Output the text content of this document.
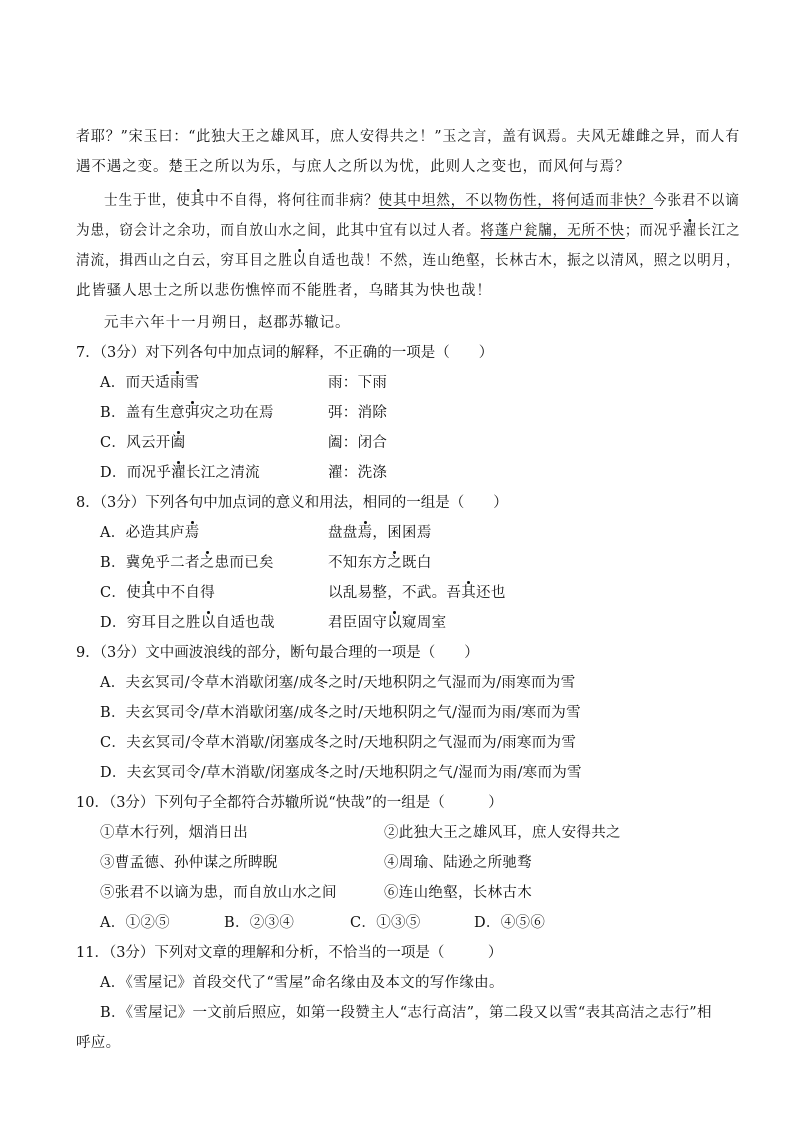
者耶？”宋玉曰：“此独大王之雄风耳，庶人安得共之！”玉之言，盖有讽焉。夫风无雄雌之异，而人有
遇不遇之变。楚王之所以为乐，与庶人之所以为忧，此则人之变也，而风何与焉？
士生于世，使其中不自得，将何往而非病？使其中坦然，不以物伤性，将何适而非快？今张君不以谪
为患，窃会计之余功，而自放山水之间，此其中宜有以过人者。将蓬户瓮牖，无所不快；而况乎濯长江之
清流，揖西山之白云，穷耳目之胜以自适也哉！不然，连山绝壑，长林古木，振之以清风，照之以明月，
此皆骚人思士之所以悲伤憔悴而不能胜者，乌睹其为快也哉！
元丰六年十一月朔日，赵郡苏辙记。
7．（3分）对下列各句中加点词的解释，不正确的一项是（　　）
A．而天适雨雪	雨：下雨
B．盖有生意弭灾之功在焉	弭：消除
C．风云开阖	阖：闭合
D．而况乎濯长江之清流	濯：洗涤
8．（3分）下列各句中加点词的意义和用法，相同的一组是（　　）
A．必造其庐焉	盘盘焉，囷囷焉
B．冀免乎二者之患而已矣	不知东方之既白
C．使其中不自得	以乱易整，不武。吾其还也
D．穷耳目之胜以自适也哉	君臣固守以窥周室
9．（3分）文中画波浪线的部分，断句最合理的一项是（　　）
A．夫玄冥司/令草木消歇闭塞/成冬之时/天地积阴之气湿而为/雨寒而为雪
B．夫玄冥司令/草木消歇闭塞/成冬之时/天地积阴之气/湿而为雨/寒而为雪
C．夫玄冥司/令草木消歇/闭塞成冬之时/天地积阴之气湿而为/雨寒而为雪
D．夫玄冥司令/草木消歇/闭塞成冬之时/天地积阴之气/湿而为雨/寒而为雪
10．（3分）下列句子全都符合苏辙所说“快哉”的一组是（　　　）
①草木行列，烟消日出	②此独大王之雄风耳，庶人安得共之
③曹孟德、孙仲谋之所睥睨	④周瑜、陆逊之所驰骛
⑤张君不以谪为患，而自放山水之间	⑥连山绝壑，长林古木
A．①②⑤	B．②③④	C．①③⑤	D．④⑤⑥
11．（3分）下列对文章的理解和分析，不恰当的一项是（　　　）
A．《雪屋记》首段交代了“雪屋”命名缘由及本文的写作缘由。
B．《雪屋记》一文前后照应，如第一段赞主人“志行高洁”，第二段又以雪“表其高洁之志行”相
呼应。
